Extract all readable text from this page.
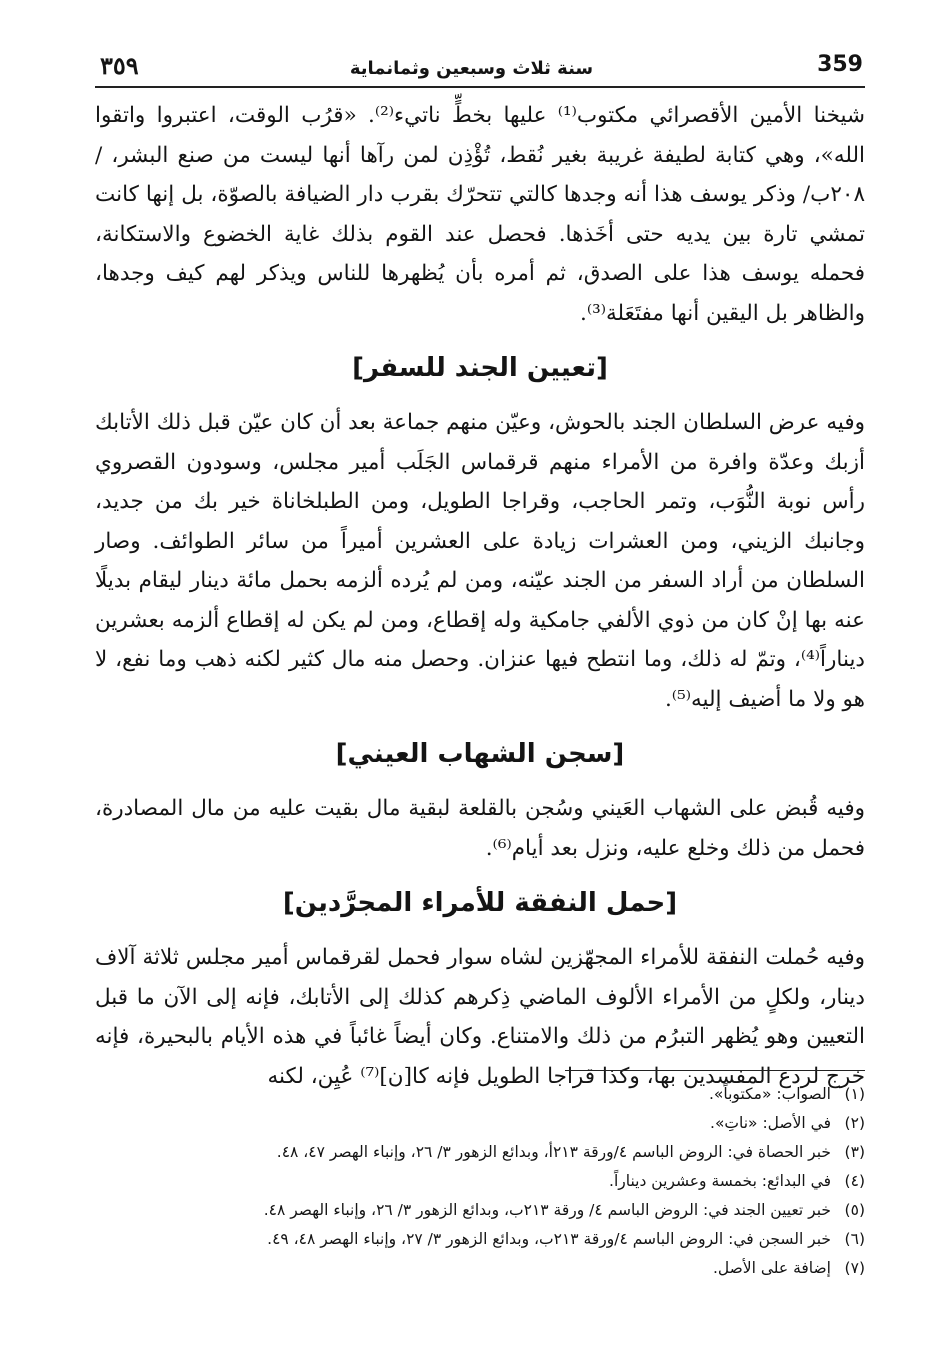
359
سنة ثلاث وسبعين وثمانماية
٣٥٩

شيخنا الأمين الأقصرائي مكتوب⁽¹⁾ عليها بخطٍّ ناتيء⁽²⁾. «قرُب الوقت، اعتبروا واتقوا الله»، وهي كتابة لطيفة غريبة بغير نُقط، تُؤْذِن لمن رآها أنها ليست من صنع البشر، / ٢٠٨ب/ وذكر يوسف هذا أنه وجدها كالتي تتحرّك بقرب دار الضيافة بالصوّة، بل إنها كانت تمشي تارة بين يديه حتى أخَذها. فحصل عند القوم بذلك غاية الخضوع والاستكانة، فحمله يوسف هذا على الصدق، ثم أمره بأن يُظهرها للناس ويذكر لهم كيف وجدها، والظاهر بل اليقين أنها مفتَعَلة⁽³⁾.

[تعيين الجند للسفر]

وفيه عرض السلطان الجند بالحوش، وعيّن منهم جماعة بعد أن كان عيّن قبل ذلك الأتابك أزبك وعدّة وافرة من الأمراء منهم قرقماس الجَلَب أمير مجلس، وسودون القصروي رأس نوبة النُّوَب، وتمر الحاجب، وقراجا الطويل، ومن الطبلخاناة خير بك من جديد، وجانبك الزيني، ومن العشرات زيادة على العشرين أميراً من سائر الطوائف. وصار السلطان من أراد السفر من الجند عيّنه، ومن لم يُرده ألزمه بحمل مائة دينار ليقام بديلًا عنه بها إنْ كان من ذوي الألفي جامكية وله إقطاع، ومن لم يكن له إقطاع ألزمه بعشرين ديناراً⁽⁴⁾، وتمّ له ذلك، وما انتطح فيها عنزان. وحصل منه مال كثير لكنه ذهب وما نفع، لا هو ولا ما أضيف إليه⁽⁵⁾.

[سجن الشهاب العيني]

وفيه قُبض على الشهاب العَيني وسُجن بالقلعة لبقية مال بقيت عليه من مال المصادرة، فحمل من ذلك وخلع عليه، ونزل بعد أيام⁽⁶⁾.

[حمل النفقة للأمراء المجرَّدين]

وفيه حُملت النفقة للأمراء المجهّزين لشاه سوار فحمل لقرقماس أمير مجلس ثلاثة آلاف دينار، ولكلٍ من الأمراء الألوف الماضي ذِكرهم كذلك إلى الأتابك، فإنه إلى الآن ما قبل التعيين وهو يُظهر التبرُم من ذلك والامتناع. وكان أيضاً غائباً في هذه الأيام بالبحيرة، فإنه خرج لردع المفسدين بها، وكذا قراجا الطويل فإنه كا[ن]⁽⁷⁾ عُيِن، لكنه

(١)الصواب: «مكتوباً».
(٢)في الأصل: «ناتِ».
(٣)خبر الحصاة في: الروض الباسم ٤/ورقة ٢١٣أ، وبدائع الزهور ٣/ ٢٦، وإنباء الهصر ٤٧، ٤٨.
(٤)في البدائع: بخمسة وعشرين ديناراً.
(٥)خبر تعيين الجند في: الروض الباسم ٤/ ورقة ٢١٣ب، وبدائع الزهور ٣/ ٢٦، وإنباء الهصر ٤٨.
(٦)خبر السجن في: الروض الباسم ٤/ورقة ٢١٣ب، وبدائع الزهور ٣/ ٢٧، وإنباء الهصر ٤٨، ٤٩.
(٧)إضافة على الأصل.
